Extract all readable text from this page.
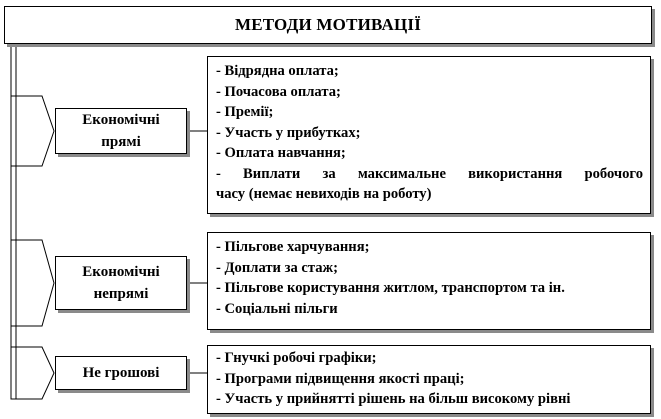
МЕТОДИ МОТИВАЦІЇ
Економічні
прямі
- Відрядна оплата;
- Почасова оплата;
- Премії;
- Участь у прибутках;
- Оплата навчання;
- Виплати за максимальне використання робочого
часу (немає невиходів на роботу)
Економічні
непрямі
- Пільгове харчування;
- Доплати за стаж;
- Пільгове користування житлом, транспортом та ін.
- Соціальні пільги
Не грошові
- Гнучкі робочі графіки;
- Програми підвищення якості праці;
- Участь у прийнятті рішень на більш високому рівні
